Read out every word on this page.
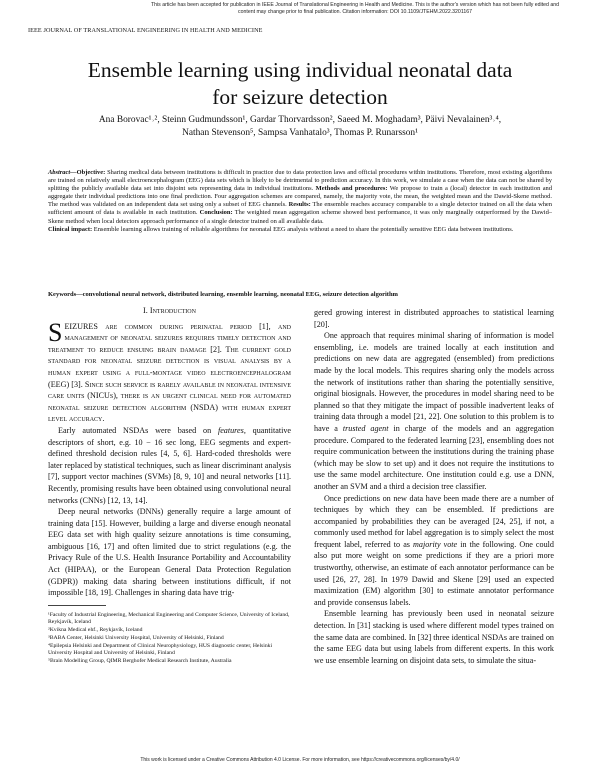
This article has been accepted for publication in IEEE Journal of Translational Engineering in Health and Medicine. This is the author's version which has not been fully edited and
content may change prior to final publication. Citation information: DOI 10.1109/JTEHM.2022.3201167
IEEE JOURNAL OF TRANSLATIONAL ENGINEERING IN HEALTH AND MEDICINE
Ensemble learning using individual neonatal data
for seizure detection
Ana Borovac¹˒², Steinn Gudmundsson¹, Gardar Thorvardsson², Saeed M. Moghadam³, Päivi Nevalainen³˒⁴,
Nathan Stevenson⁵, Sampsa Vanhatalo³, Thomas P. Runarsson¹

Abstract—Objective: Sharing medical data between institutions is difficult in practice due to data protection laws and official procedures within institutions. Therefore, most existing algorithms are trained on relatively small electroencephalogram (EEG) data sets which is likely to be detrimental to prediction accuracy. In this work, we simulate a case when the data can not be shared by splitting the publicly available data set into disjoint sets representing data in individual institutions. Methods and procedures: We propose to train a (local) detector in each institution and aggregate their individual predictions into one final prediction. Four aggregation schemes are compared, namely, the majority vote, the mean, the weighted mean and the Dawid-Skene method. The method was validated on an independent data set using only a subset of EEG channels. Results: The ensemble reaches accuracy comparable to a single detector trained on all the data when sufficient amount of data is available in each institution. Conclusion: The weighted mean aggregation scheme showed best performance, it was only marginally outperformed by the Dawid–Skene method when local detectors approach performance of a single detector trained on all available data.

Clinical impact: Ensemble learning allows training of reliable algorithms for neonatal EEG analysis without a need to share the potentially sensitive EEG data between institutions.

Keywords—convolutional neural network, distributed learning, ensemble learning, neonatal EEG, seizure detection algorithm
I. Introduction

SEIZURES are common during perinatal period [1], and management of neonatal seizures requires timely detection and treatment to reduce ensuing brain damage [2]. The current gold standard for neonatal seizure detection is visual analysis by a human expert using a full-montage video electroencephalogram (EEG) [3]. Since such service is rarely available in neonatal intensive care units (NICUs), there is an urgent clinical need for automated neonatal seizure detection algorithm (NSDA) with human expert level accuracy.

Early automated NSDAs were based on features, quantitative descriptors of short, e.g. 10 − 16 sec long, EEG segments and expert-defined threshold decision rules [4, 5, 6]. Hard-coded thresholds were later replaced by statistical techniques, such as linear discriminant analysis [7], support vector machines (SVMs) [8, 9, 10] and neural networks [11]. Recently, promising results have been obtained using convolutional neural networks (CNNs) [12, 13, 14].

Deep neural networks (DNNs) generally require a large amount of training data [15]. However, building a large and diverse enough neonatal EEG data set with high quality seizure annotations is time consuming, ambiguous [16, 17] and often limited due to strict regulations (e.g. the Privacy Rule of the U.S. Health Insurance Portability and Accountability Act (HIPAA), or the European General Data Protection Regulation (GDPR)) making data sharing between institutions difficult, if not impossible [18, 19]. Challenges in sharing data have trig-

¹Faculty of Industrial Engineering, Mechanical Engineering and Computer Science, University of Iceland, Reykjavík, Iceland
²Kvikna Medical ehf., Reykjavík, Iceland
³BABA Center, Helsinki University Hospital, University of Helsinki, Finland
⁴Epilepsia Helsinki and Department of Clinical Neurophysiology, HUS diagnostic center, Helsinki University Hospital and University of Helsinki, Finland
⁵Brain Modelling Group, QIMR Berghofer Medical Research Institute, Australia

gered growing interest in distributed approaches to statistical learning [20].

One approach that requires minimal sharing of information is model ensembling, i.e. models are trained locally at each institution and predictions on new data are aggregated (ensembled) from predictions made by the local models. This requires sharing only the models across the network of institutions rather than sharing the potentially sensitive, original biosignals. However, the procedures in model sharing need to be planned so that they mitigate the impact of possible inadvertent leaks of training data through a model [21, 22]. One solution to this problem is to have a trusted agent in charge of the models and an aggregation procedure. Compared to the federated learning [23], ensembling does not require communication between the institutions during the training phase (which may be slow to set up) and it does not require the institutions to use the same model architecture. One institution could e.g. use a DNN, another an SVM and a third a decision tree classifier.

Once predictions on new data have been made there are a number of techniques by which they can be ensembled. If predictions are accompanied by probabilities they can be averaged [24, 25], if not, a commonly used method for label aggregation is to simply select the most frequent label, referred to as majority vote in the following. One could also put more weight on some predictions if they are a priori more trustworthy, otherwise, an estimate of each annotator performance can be used [26, 27, 28]. In 1979 Dawid and Skene [29] used an expected maximization (EM) algorithm [30] to estimate annotator performance and provide consensus labels.

Ensemble learning has previously been used in neonatal seizure detection. In [31] stacking is used where different model types trained on the same data are combined. In [32] three identical NSDAs are trained on the same EEG data but using labels from different experts. In this work we use ensemble learning on disjoint data sets, to simulate the situa-

This work is licensed under a Creative Commons Attribution 4.0 License. For more information, see https://creativecommons.org/licenses/by/4.0/
